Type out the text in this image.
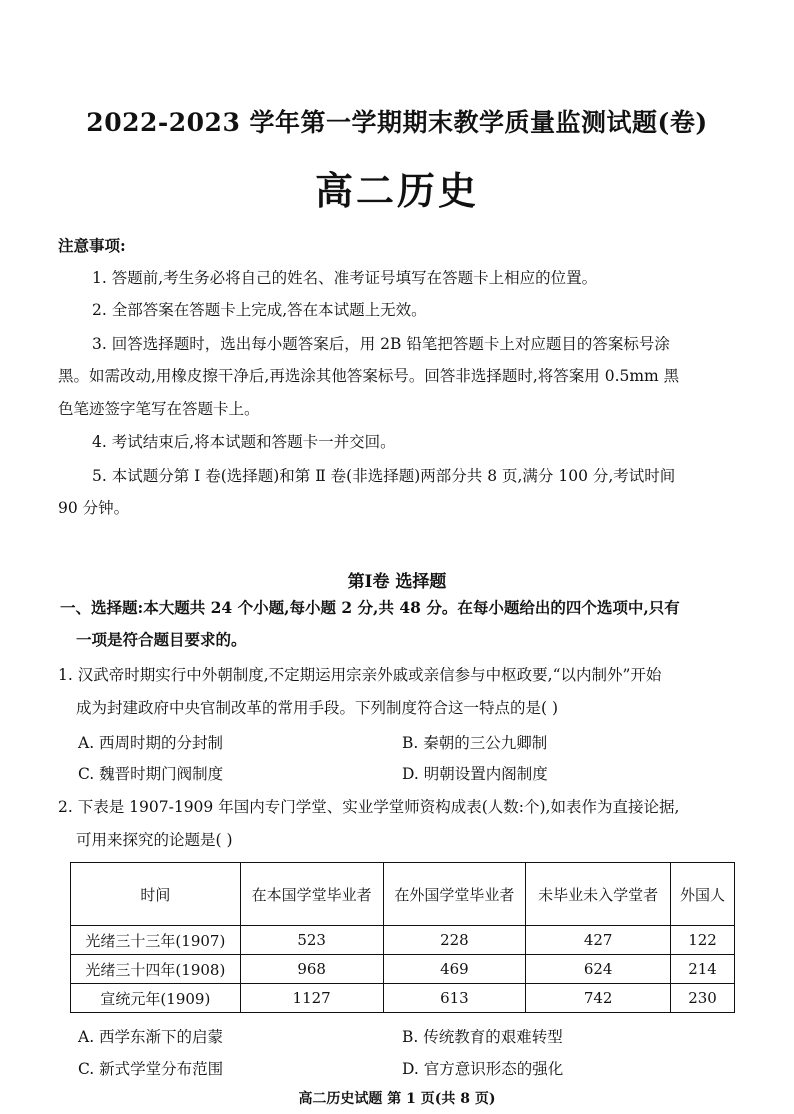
2022-2023 学年第一学期期末教学质量监测试题(卷)
高二历史
注意事项:
1. 答题前,考生务必将自己的姓名、准考证号填写在答题卡上相应的位置。
2. 全部答案在答题卡上完成,答在本试题上无效。
3. 回答选择题时，选出每小题答案后，用 2B 铅笔把答题卡上对应题目的答案标号涂
黑。如需改动,用橡皮擦干净后,再选涂其他答案标号。回答非选择题时,将答案用 0.5mm 黑
色笔迹签字笔写在答题卡上。
4. 考试结束后,将本试题和答题卡一并交回。
5. 本试题分第 Ⅰ 卷(选择题)和第 Ⅱ 卷(非选择题)两部分共 8 页,满分 100 分,考试时间
90 分钟。
第Ⅰ卷 选择题
一、选择题:本大题共 24 个小题,每小题 2 分,共 48 分。在每小题给出的四个选项中,只有
一项是符合题目要求的。
1. 汉武帝时期实行中外朝制度,不定期运用宗亲外戚或亲信参与中枢政要,“以内制外”开始
成为封建政府中央官制改革的常用手段。下列制度符合这一特点的是( )
A. 西周时期的分封制	B. 秦朝的三公九卿制
C. 魏晋时期门阀制度	D. 明朝设置内阁制度
2. 下表是 1907-1909 年国内专门学堂、实业学堂师资构成表(人数:个),如表作为直接论据,
可用来探究的论题是( )
时间	在本国学堂毕业者	在外国学堂毕业者	未毕业未入学堂者	外国人
光绪三十三年(1907)	523	228	427	122
光绪三十四年(1908)	968	469	624	214
宣统元年(1909)	1127	613	742	230
A. 西学东渐下的启蒙	B. 传统教育的艰难转型
C. 新式学堂分布范围	D. 官方意识形态的强化
高二历史试题 第 1 页(共 8 页)
